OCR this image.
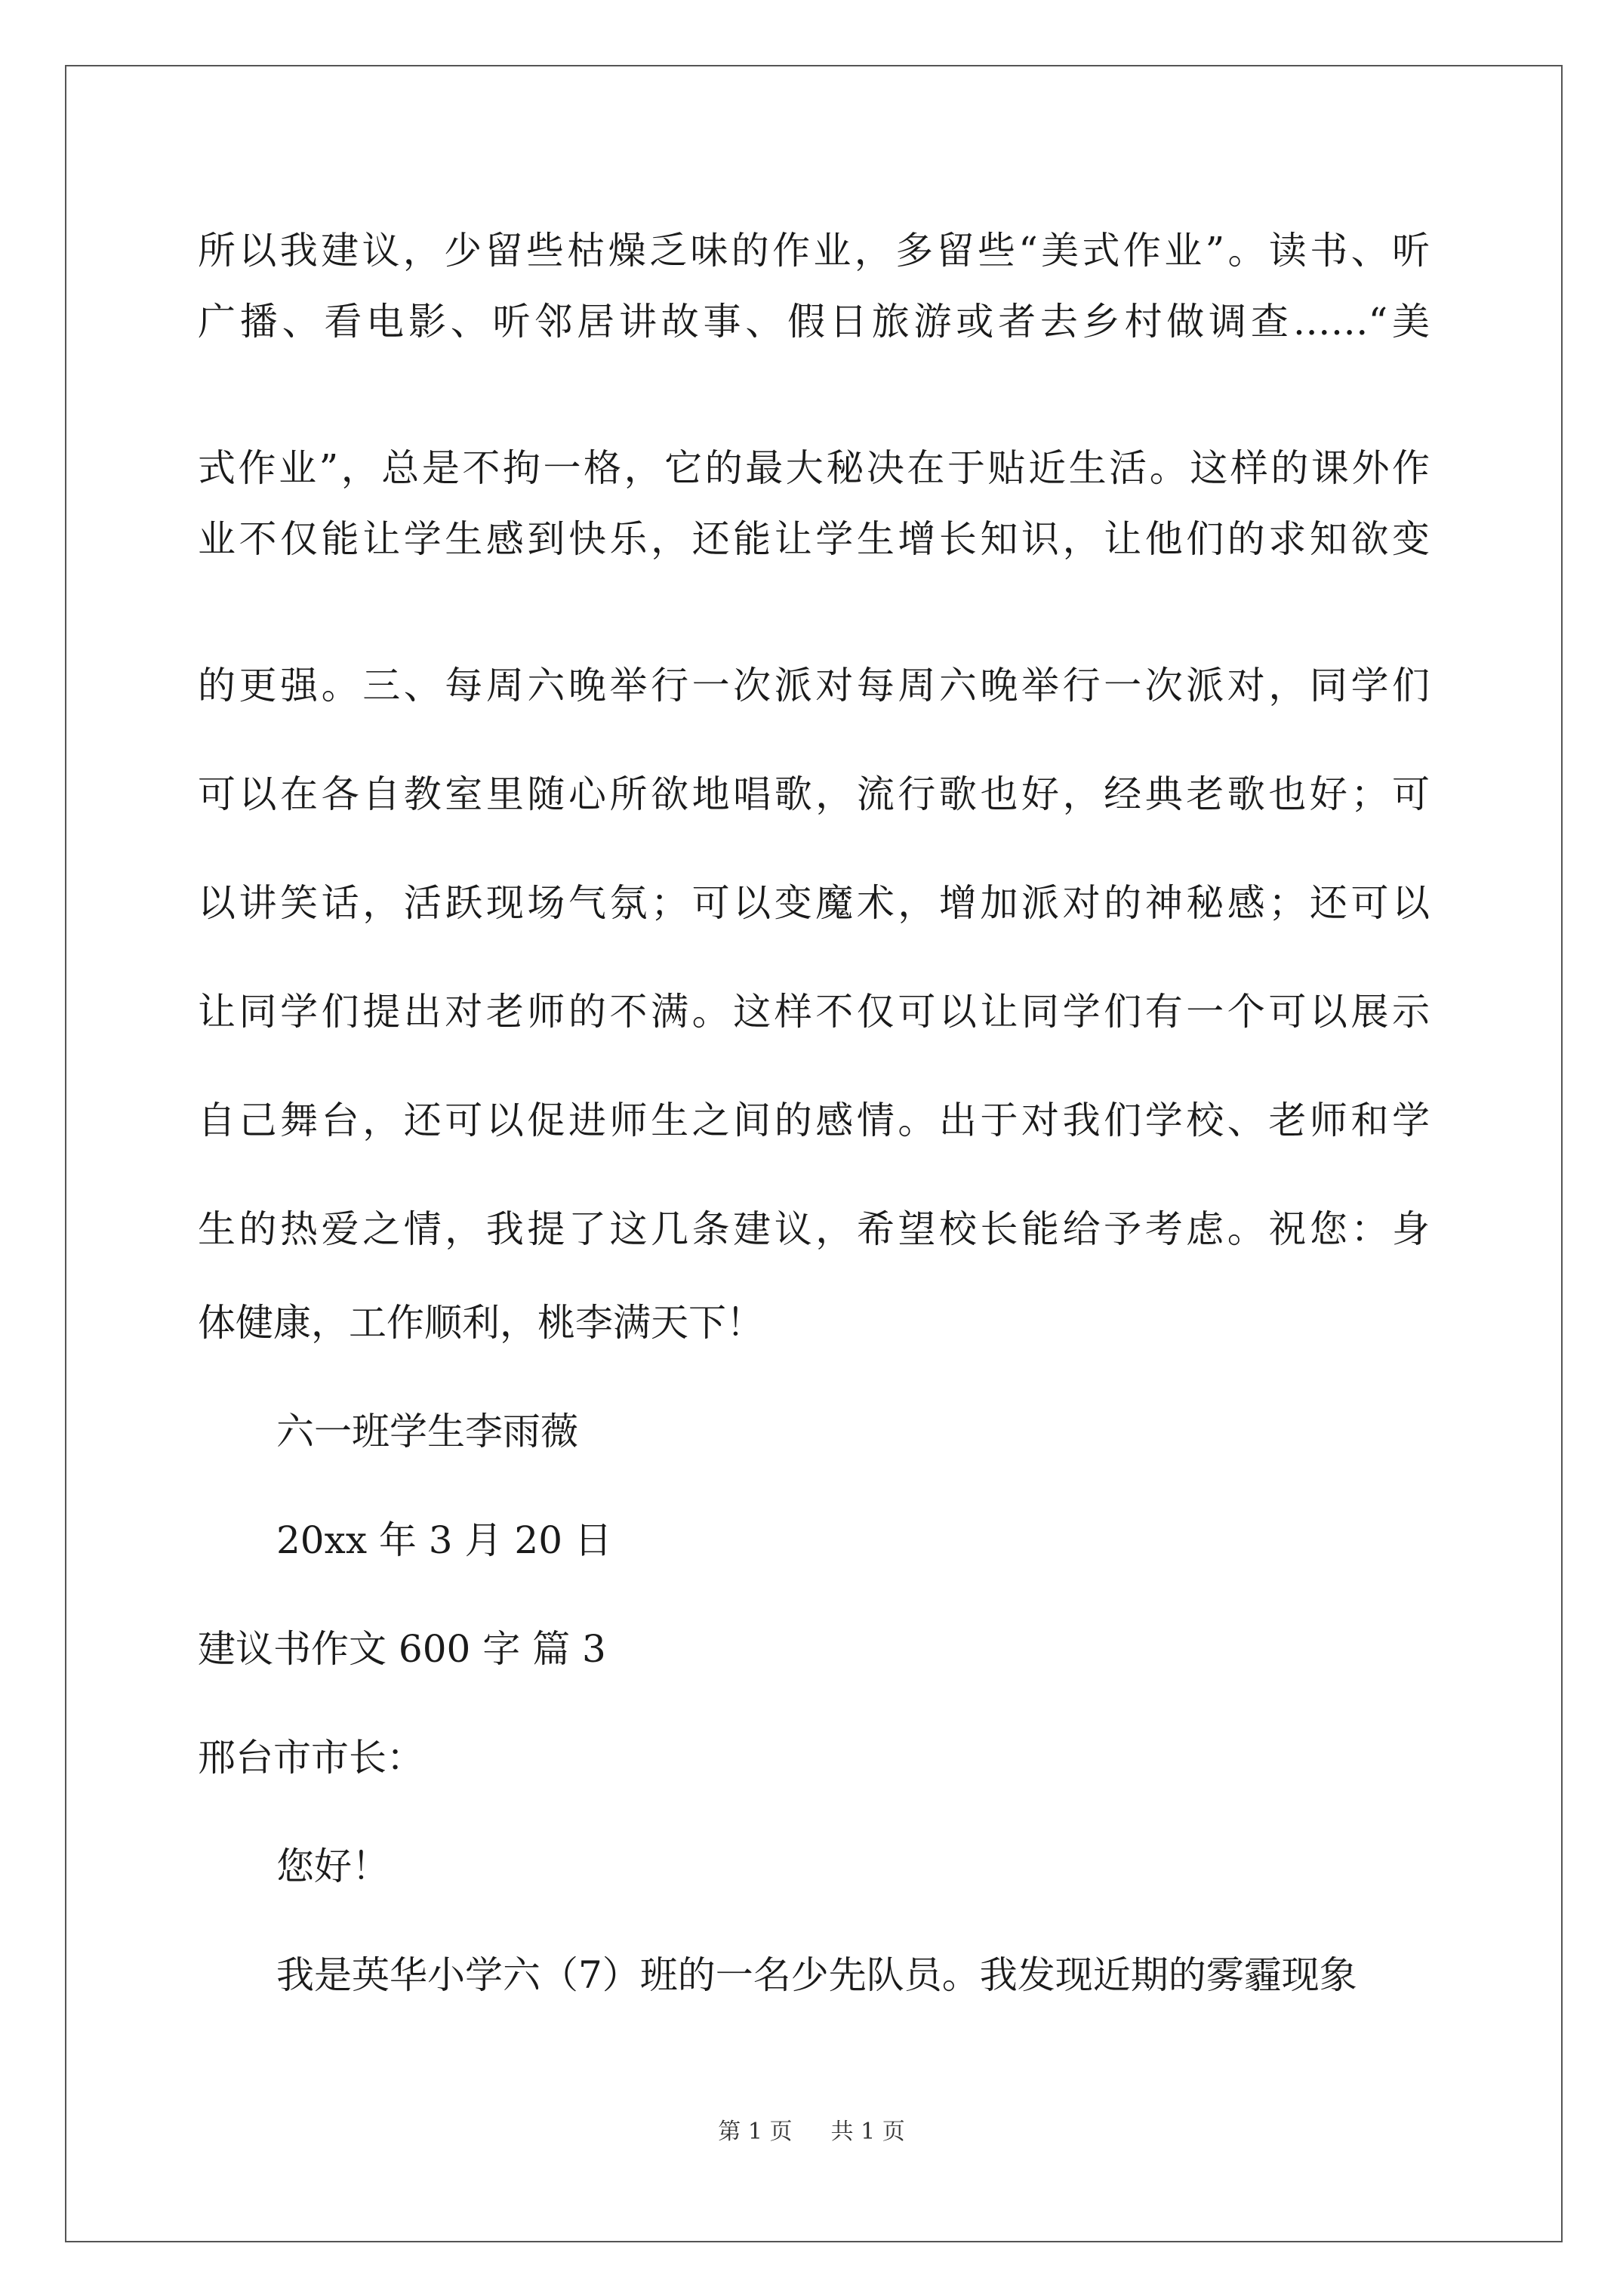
所以我建议，少留些枯燥乏味的作业，多留些“美式作业”。读书、听
广播、看电影、听邻居讲故事、假日旅游或者去乡村做调查……“美
式作业”，总是不拘一格，它的最大秘决在于贴近生活。这样的课外作
业不仅能让学生感到快乐，还能让学生增长知识，让他们的求知欲变
的更强。三、每周六晚举行一次派对每周六晚举行一次派对，同学们
可以在各自教室里随心所欲地唱歌，流行歌也好，经典老歌也好；可
以讲笑话，活跃现场气氛；可以变魔术，增加派对的神秘感；还可以
让同学们提出对老师的不满。这样不仅可以让同学们有一个可以展示
自己舞台，还可以促进师生之间的感情。出于对我们学校、老师和学
生的热爱之情，我提了这几条建议，希望校长能给予考虑。祝您：身
体健康，工作顺利，桃李满天下！
六一班学生李雨薇
20xx 年 3 月 20 日
建议书作文 600 字 篇 3
邢台市市长：
您好！
我是英华小学六（7）班的一名少先队员。我发现近期的雾霾现象
第 1 页 共 1 页
